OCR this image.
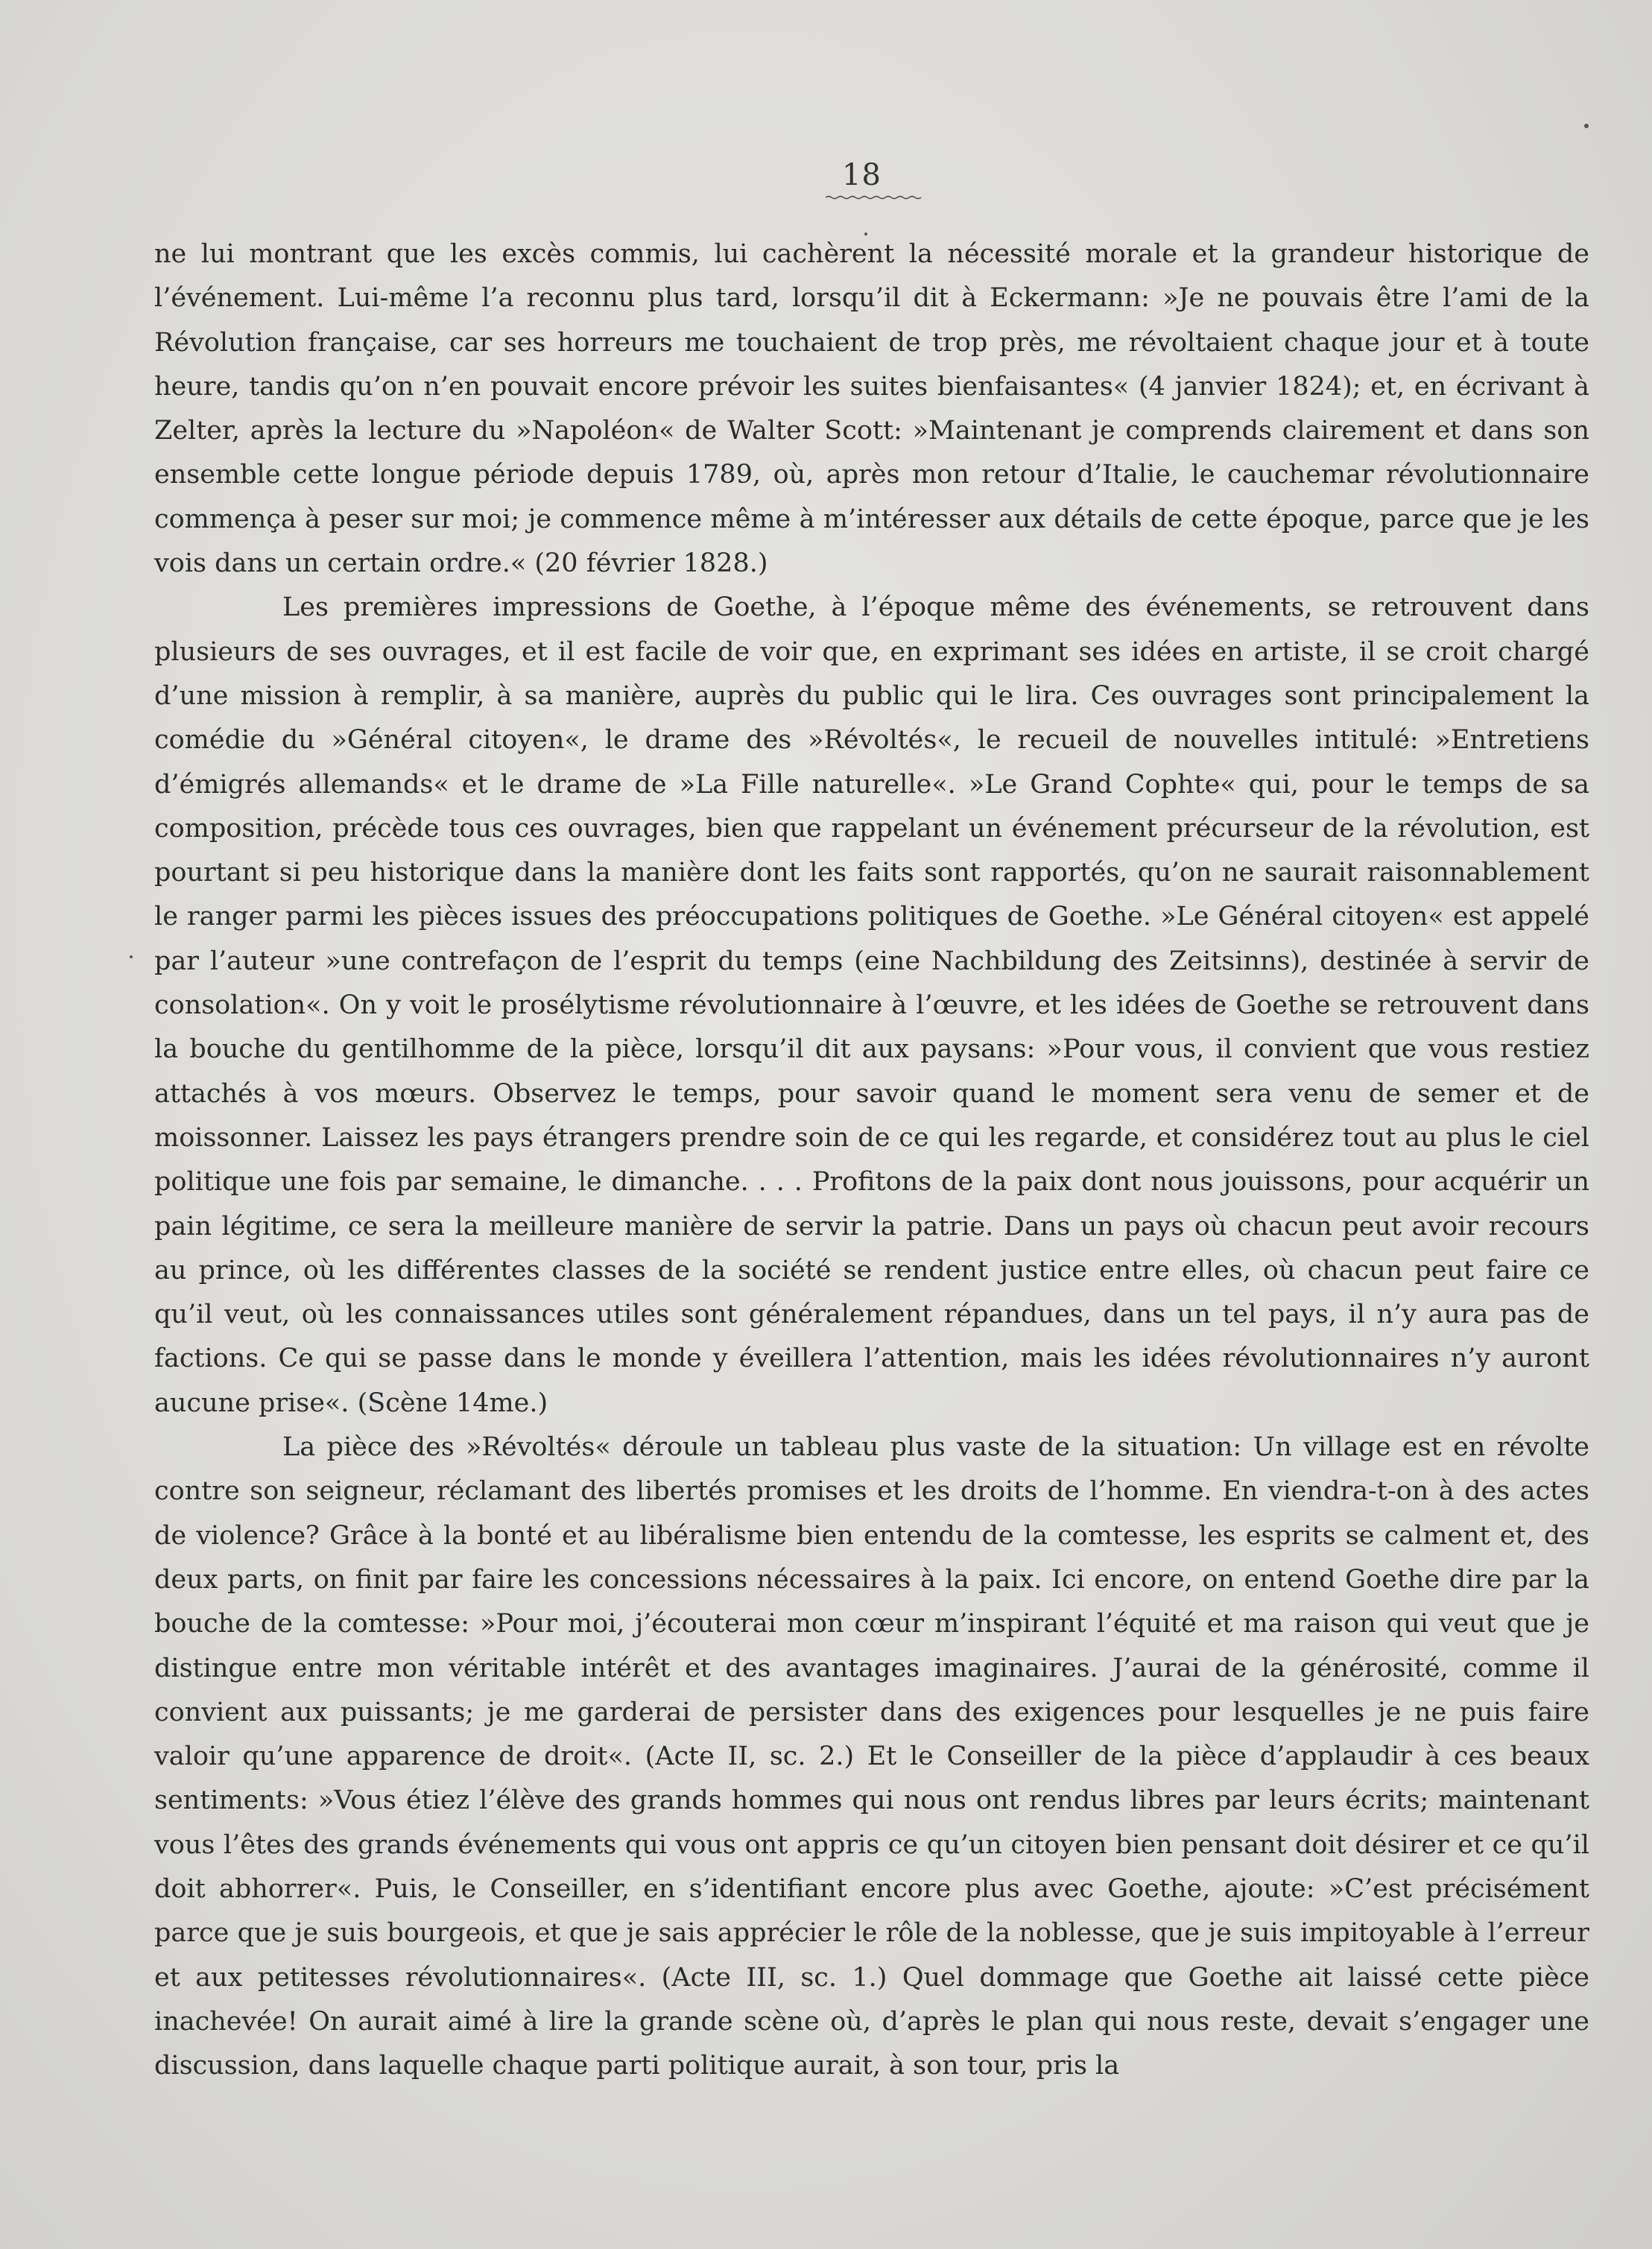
18

ne lui montrant que les excès commis, lui cachèrent la nécessité morale et la grandeur historique de l’événement. Lui-même l’a reconnu plus tard, lorsqu’il dit à Eckermann: »Je ne pouvais être l’ami de la Révolution française, car ses horreurs me touchaient de trop près, me révoltaient chaque jour et à toute heure, tandis qu’on n’en pouvait encore prévoir les suites bienfaisantes« (4 janvier 1824); et, en écrivant à Zelter, après la lecture du »Napoléon« de Walter Scott: »Maintenant je comprends clairement et dans son ensemble cette longue période depuis 1789, où, après mon retour d’Italie, le cauchemar révolutionnaire commença à peser sur moi; je commence même à m’intéresser aux détails de cette époque, parce que je les vois dans un certain ordre.« (20 février 1828.)

Les premières impressions de Goethe, à l’époque même des événements, se retrouvent dans plusieurs de ses ouvrages, et il est facile de voir que, en exprimant ses idées en artiste, il se croit chargé d’une mission à remplir, à sa manière, auprès du public qui le lira. Ces ouvrages sont principalement la comédie du »Général citoyen«, le drame des »Révoltés«, le recueil de nouvelles intitulé: »Entretiens d’émigrés allemands« et le drame de »La Fille naturelle«. »Le Grand Cophte« qui, pour le temps de sa composition, précède tous ces ouvrages, bien que rappelant un événement précurseur de la révolution, est pourtant si peu historique dans la manière dont les faits sont rapportés, qu’on ne saurait raisonnablement le ranger parmi les pièces issues des préoccupations politiques de Goethe. »Le Général citoyen« est appelé par l’auteur »une contrefaçon de l’esprit du temps (eine Nachbildung des Zeitsinns), destinée à servir de consolation«. On y voit le prosélytisme révolutionnaire à l’œuvre, et les idées de Goethe se retrouvent dans la bouche du gentilhomme de la pièce, lorsqu’il dit aux paysans: »Pour vous, il convient que vous restiez attachés à vos mœurs. Observez le temps, pour savoir quand le moment sera venu de semer et de moissonner. Laissez les pays étrangers prendre soin de ce qui les regarde, et considérez tout au plus le ciel politique une fois par semaine, le dimanche. . . . Profitons de la paix dont nous jouissons, pour acquérir un pain légitime, ce sera la meilleure manière de servir la patrie. Dans un pays où chacun peut avoir recours au prince, où les différentes classes de la société se rendent justice entre elles, où chacun peut faire ce qu’il veut, où les connaissances utiles sont généralement répandues, dans un tel pays, il n’y aura pas de factions. Ce qui se passe dans le monde y éveillera l’attention, mais les idées révolutionnaires n’y auront aucune prise«. (Scène 14me.)

La pièce des »Révoltés« déroule un tableau plus vaste de la situation: Un village est en révolte contre son seigneur, réclamant des libertés promises et les droits de l’homme. En viendra-t-on à des actes de violence? Grâce à la bonté et au libéralisme bien entendu de la comtesse, les esprits se calment et, des deux parts, on finit par faire les concessions nécessaires à la paix. Ici encore, on entend Goethe dire par la bouche de la comtesse: »Pour moi, j’écouterai mon cœur m’inspirant l’équité et ma raison qui veut que je distingue entre mon véritable intérêt et des avantages imaginaires. J’aurai de la générosité, comme il convient aux puissants; je me garderai de persister dans des exigences pour lesquelles je ne puis faire valoir qu’une apparence de droit«. (Acte II, sc. 2.) Et le Conseiller de la pièce d’applaudir à ces beaux sentiments: »Vous étiez l’élève des grands hommes qui nous ont rendus libres par leurs écrits; maintenant vous l’êtes des grands événements qui vous ont appris ce qu’un citoyen bien pensant doit désirer et ce qu’il doit abhorrer«. Puis, le Conseiller, en s’identifiant encore plus avec Goethe, ajoute: »C’est précisément parce que je suis bourgeois, et que je sais apprécier le rôle de la noblesse, que je suis impitoyable à l’erreur et aux petitesses révolutionnaires«. (Acte III, sc. 1.) Quel dommage que Goethe ait laissé cette pièce inachevée! On aurait aimé à lire la grande scène où, d’après le plan qui nous reste, devait s’engager une discussion, dans laquelle chaque parti politique aurait, à son tour, pris la
